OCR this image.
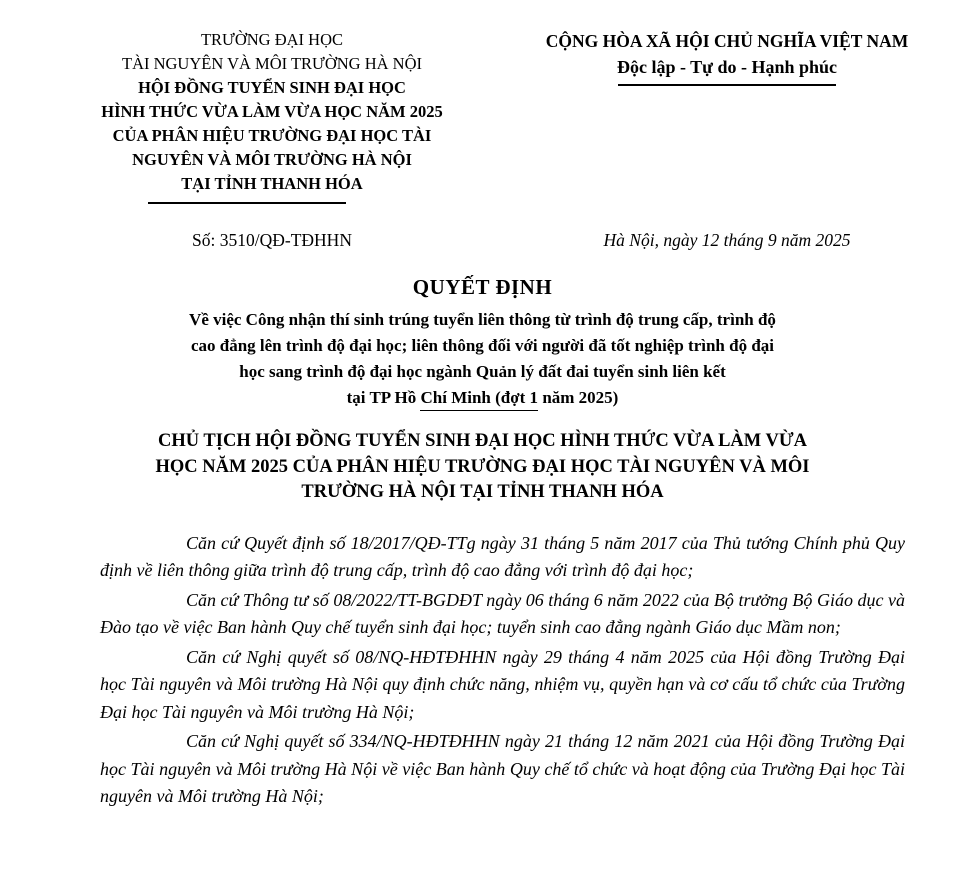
TRƯỜNG ĐẠI HỌC
TÀI NGUYÊN VÀ MÔI TRƯỜNG HÀ NỘI
HỘI ĐỒNG TUYỂN SINH ĐẠI HỌC
HÌNH THỨC VỪA LÀM VỪA HỌC NĂM 2025
CỦA PHÂN HIỆU TRƯỜNG ĐẠI HỌC TÀI
NGUYÊN VÀ MÔI TRƯỜNG HÀ NỘI
TẠI TỈNH THANH HÓA
CỘNG HÒA XÃ HỘI CHỦ NGHĨA VIỆT NAM
Độc lập - Tự do - Hạnh phúc
Số: 3510/QĐ-TĐHHN	Hà Nội, ngày 12 tháng 9 năm 2025
QUYẾT ĐỊNH
Về việc Công nhận thí sinh trúng tuyển liên thông từ trình độ trung cấp, trình độ
cao đẳng lên trình độ đại học; liên thông đối với người đã tốt nghiệp trình độ đại
học sang trình độ đại học ngành Quản lý đất đai tuyển sinh liên kết
tại TP Hồ Chí Minh (đợt 1 năm 2025)
CHỦ TỊCH HỘI ĐỒNG TUYỂN SINH ĐẠI HỌC HÌNH THỨC VỪA LÀM VỪA
HỌC NĂM 2025 CỦA PHÂN HIỆU TRƯỜNG ĐẠI HỌC TÀI NGUYÊN VÀ MÔI
TRƯỜNG HÀ NỘI TẠI TỈNH THANH HÓA

Căn cứ Quyết định số 18/2017/QĐ-TTg ngày 31 tháng 5 năm 2017 của Thủ tướng Chính phủ Quy định về liên thông giữa trình độ trung cấp, trình độ cao đẳng với trình độ đại học;

Căn cứ Thông tư số 08/2022/TT-BGDĐT ngày 06 tháng 6 năm 2022 của Bộ trưởng Bộ Giáo dục và Đào tạo về việc Ban hành Quy chế tuyển sinh đại học; tuyển sinh cao đẳng ngành Giáo dục Mầm non;

Căn cứ Nghị quyết số 08/NQ-HĐTĐHHN ngày 29 tháng 4 năm 2025 của Hội đồng Trường Đại học Tài nguyên và Môi trường Hà Nội quy định chức năng, nhiệm vụ, quyền hạn và cơ cấu tổ chức của Trường Đại học Tài nguyên và Môi trường Hà Nội;

Căn cứ Nghị quyết số 334/NQ-HĐTĐHHN ngày 21 tháng 12 năm 2021 của Hội đồng Trường Đại học Tài nguyên và Môi trường Hà Nội về việc Ban hành Quy chế tổ chức và hoạt động của Trường Đại học Tài nguyên và Môi trường Hà Nội;
